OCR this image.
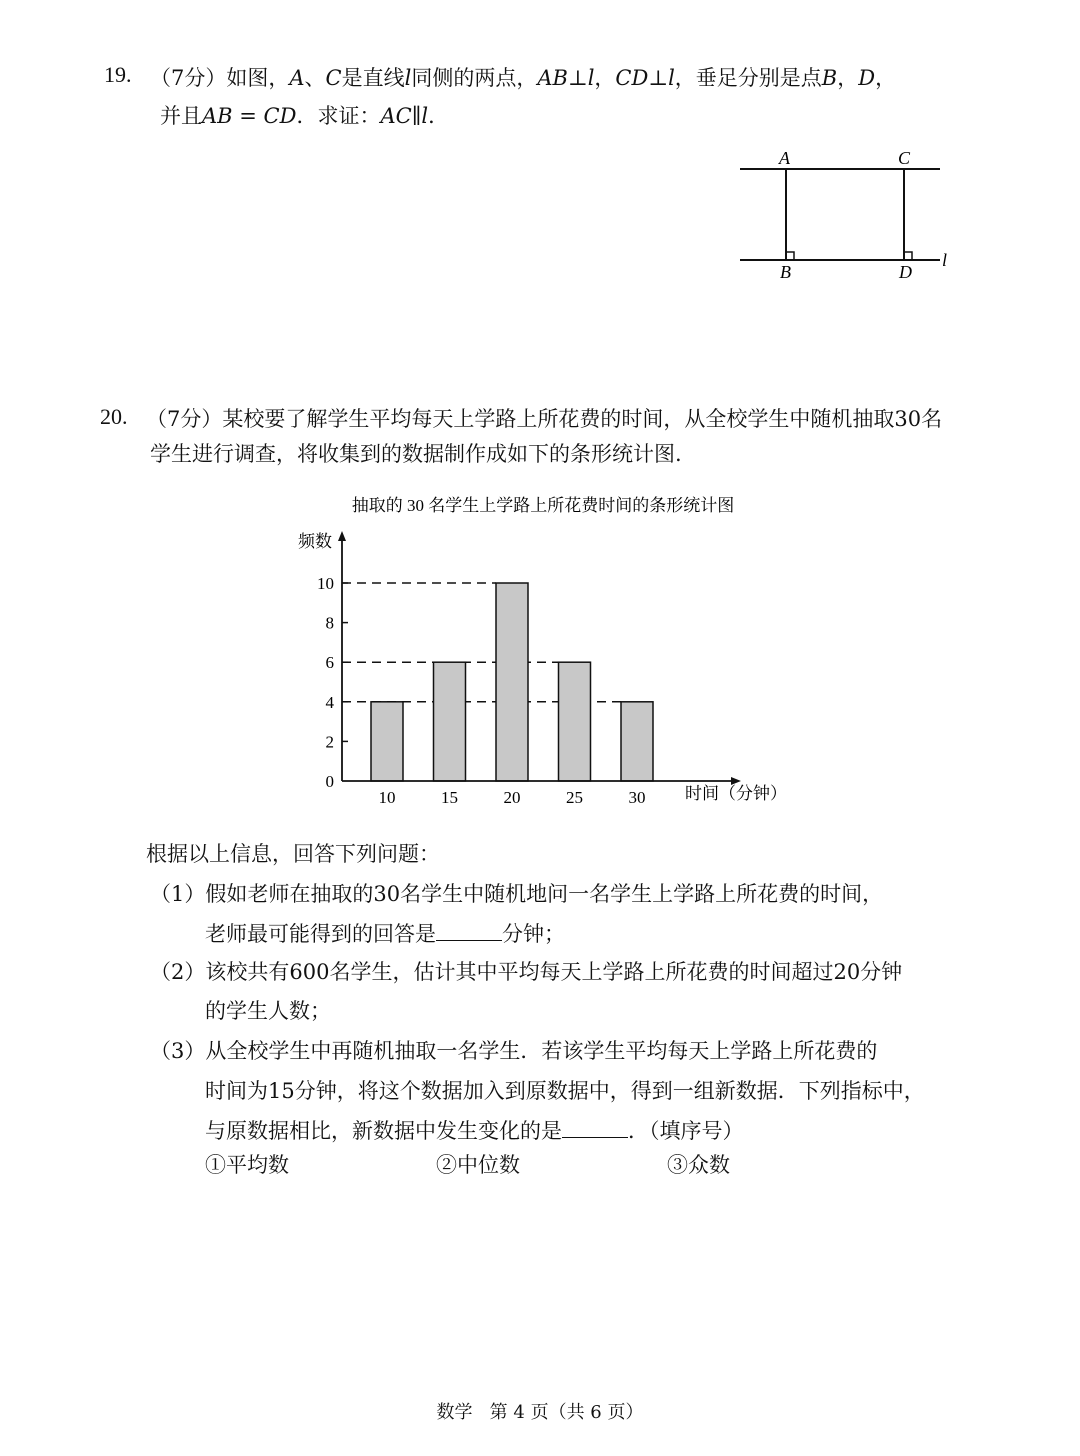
19. （7分）如图，A、C是直线l同侧的两点，AB⊥l，CD⊥l，垂足分别是点B，D，
并且AB = CD．求证：AC∥l．
A	C
B	D
l
20. （7分）某校要了解学生平均每天上学路上所花费的时间，从全校学生中随机抽取30名
学生进行调查，将收集到的数据制作成如下的条形统计图.
抽取的 30 名学生上学路上所花费时间的条形统计图
频数
时间（分钟）
0
2
4
6
8
10
10	15	20	25	30
根据以上信息，回答下列问题：
（1）假如老师在抽取的30名学生中随机地问一名学生上学路上所花费的时间，
老师最可能得到的回答是	分钟；
（2）该校共有600名学生，估计其中平均每天上学路上所花费的时间超过20分钟
的学生人数；
（3）从全校学生中再随机抽取一名学生．若该学生平均每天上学路上所花费的
时间为15分钟，将这个数据加入到原数据中，得到一组新数据．下列指标中，
与原数据相比，新数据中发生变化的是	．（填序号）
①平均数	②中位数	③众数
数学   第 4 页（共 6 页）
